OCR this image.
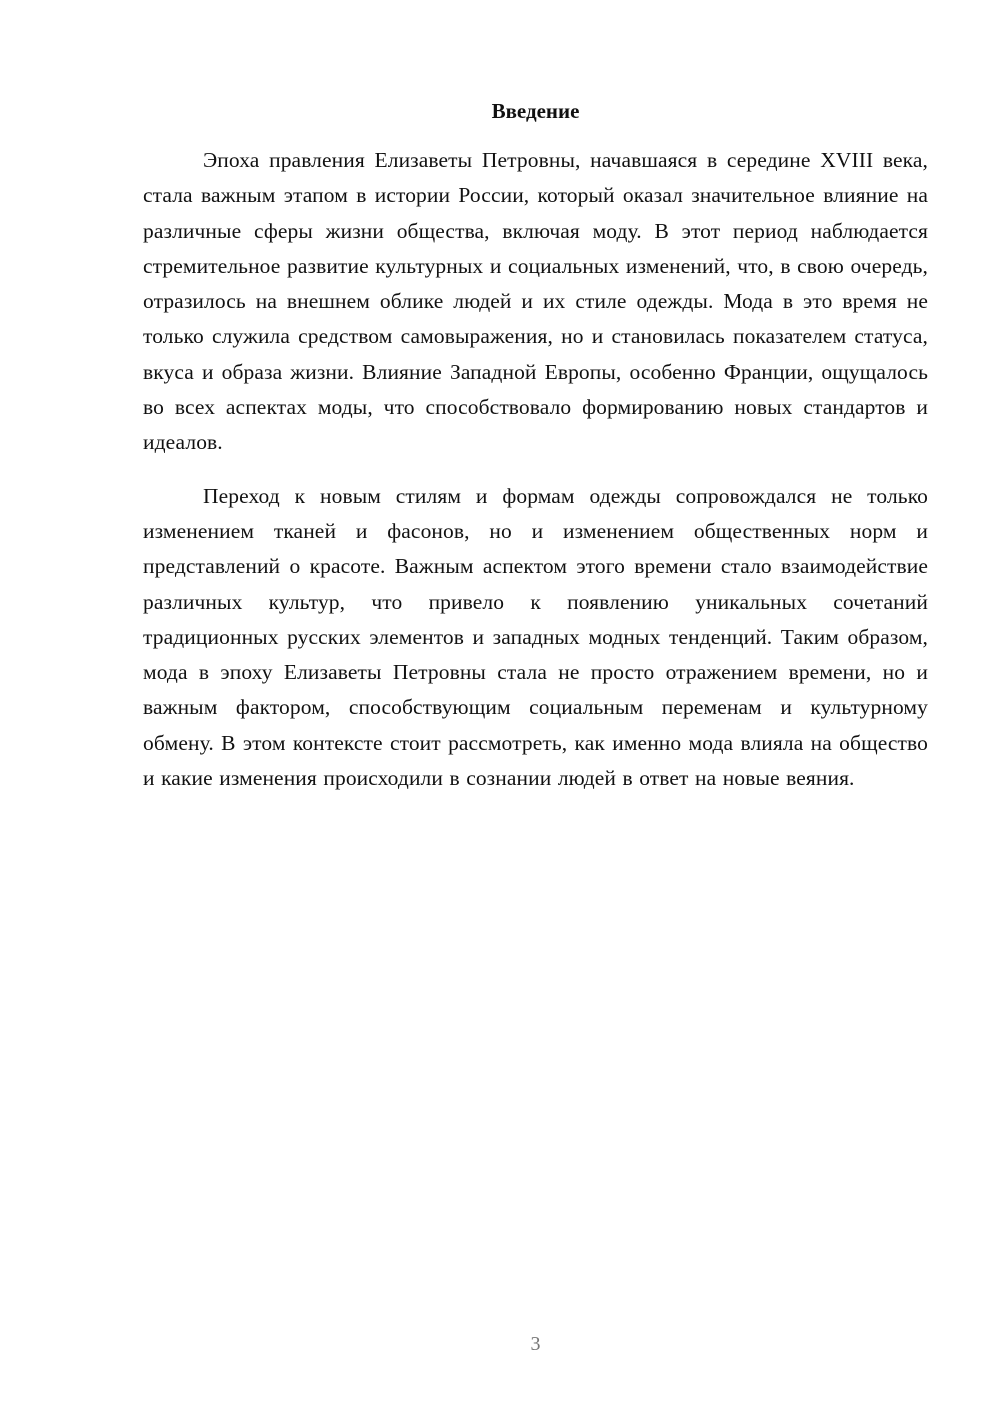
Введение

Эпоха правления Елизаветы Петровны, начавшаяся в середине XVIII века, стала важным этапом в истории России, который оказал значительное влияние на различные сферы жизни общества, включая моду. В этот период наблюдается стремительное развитие культурных и социальных изменений, что, в свою очередь, отразилось на внешнем облике людей и их стиле одежды. Мода в это время не только служила средством самовыражения, но и становилась показателем статуса, вкуса и образа жизни. Влияние Западной Европы, особенно Франции, ощущалось во всех аспектах моды, что способствовало формированию новых стандартов и идеалов.

Переход к новым стилям и формам одежды сопровождался не только изменением тканей и фасонов, но и изменением общественных норм и представлений о красоте. Важным аспектом этого времени стало взаимодействие различных культур, что привело к появлению уникальных сочетаний традиционных русских элементов и западных модных тенденций. Таким образом, мода в эпоху Елизаветы Петровны стала не просто отражением времени, но и важным фактором, способствующим социальным переменам и культурному обмену. В этом контексте стоит рассмотреть, как именно мода влияла на общество и какие изменения происходили в сознании людей в ответ на новые веяния.

3
